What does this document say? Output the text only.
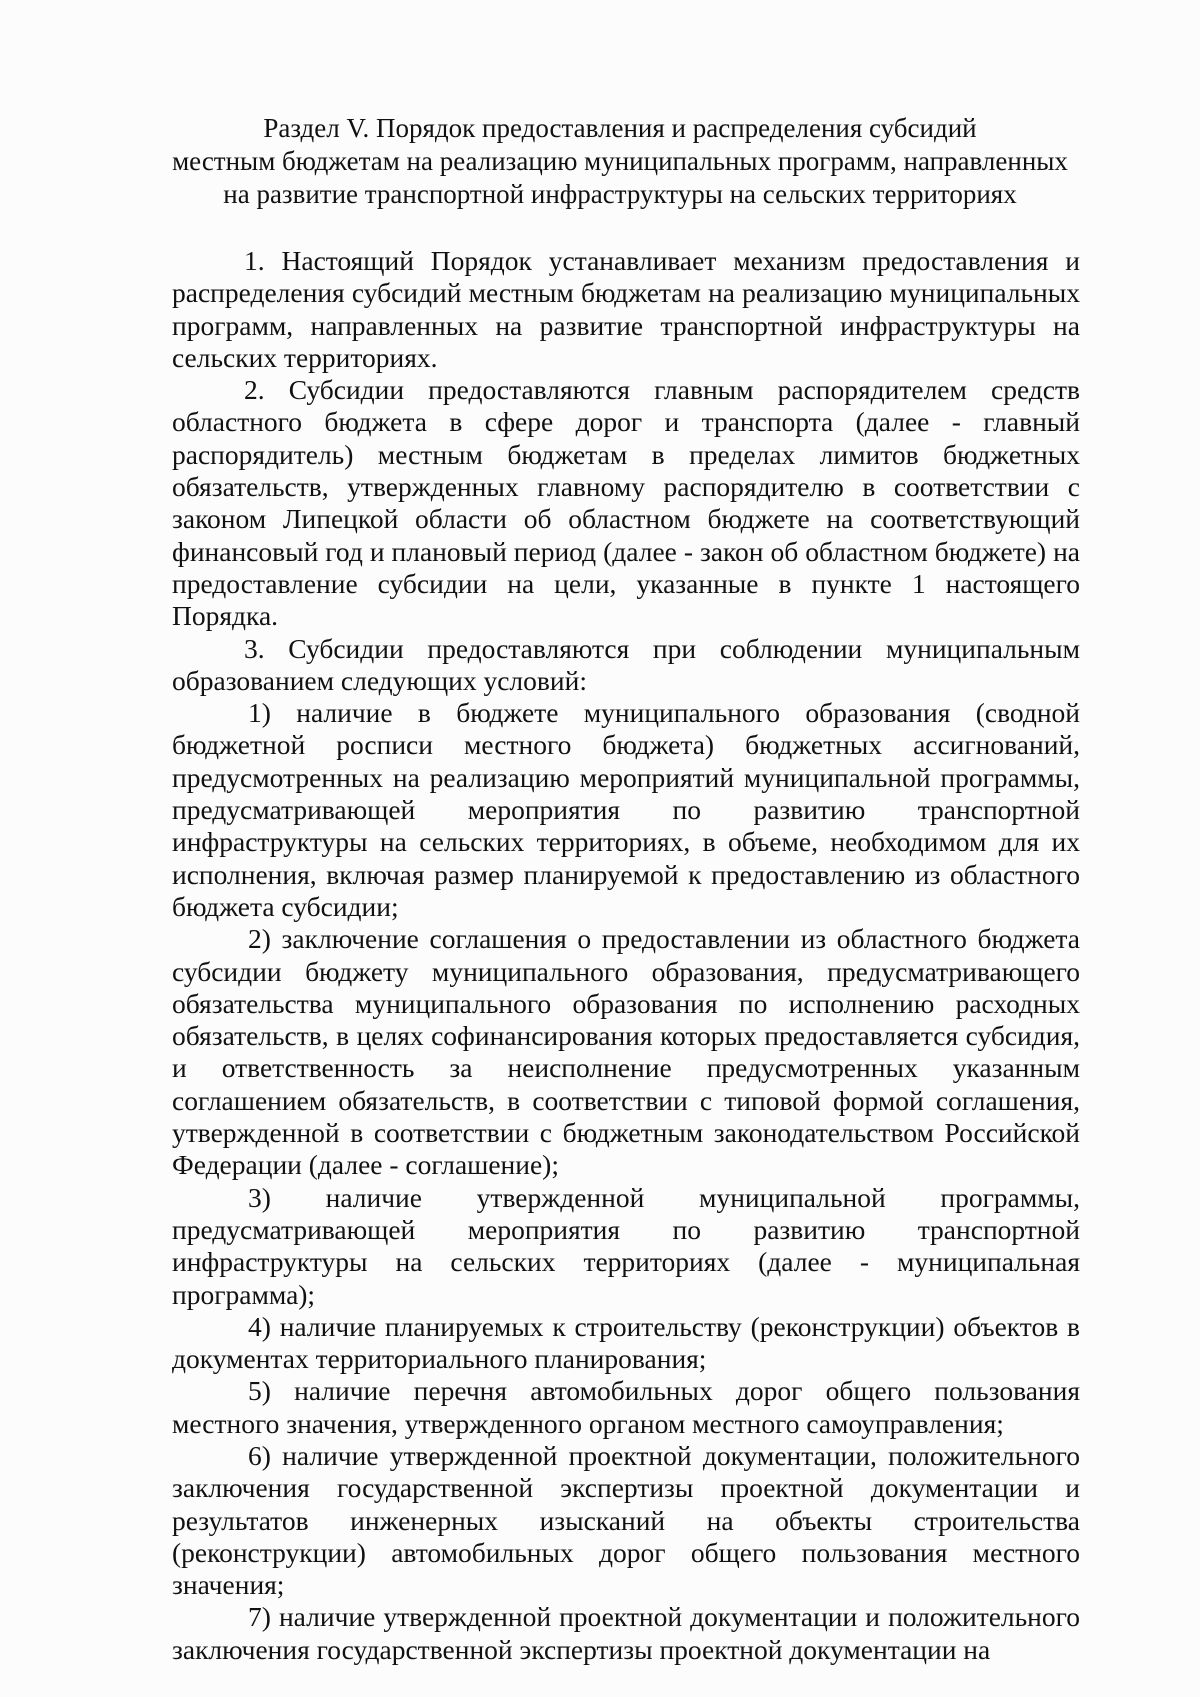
Раздел V. Порядок предоставления и распределения субсидий
местным бюджетам на реализацию муниципальных программ, направленных
на развитие транспортной инфраструктуры на сельских территориях

1. Настоящий Порядок устанавливает механизм предоставления и распределения субсидий местным бюджетам на реализацию муниципальных программ, направленных на развитие транспортной инфраструктуры на сельских территориях.

2. Субсидии предоставляются главным распорядителем средств областного бюджета в сфере дорог и транспорта (далее - главный распорядитель) местным бюджетам в пределах лимитов бюджетных обязательств, утвержденных главному распорядителю в соответствии с законом Липецкой области об областном бюджете на соответствующий финансовый год и плановый период (далее - закон об областном бюджете) на предоставление субсидии на цели, указанные в пункте 1 настоящего Порядка.

3. Субсидии предоставляются при соблюдении муниципальным образованием следующих условий:

1) наличие в бюджете муниципального образования (сводной бюджетной росписи местного бюджета) бюджетных ассигнований, предусмотренных на реализацию мероприятий муниципальной программы, предусматривающей мероприятия по развитию транспортной инфраструктуры на сельских территориях, в объеме, необходимом для их исполнения, включая размер планируемой к предоставлению из областного бюджета субсидии;

2) заключение соглашения о предоставлении из областного бюджета субсидии бюджету муниципального образования, предусматривающего обязательства муниципального образования по исполнению расходных обязательств, в целях софинансирования которых предоставляется субсидия, и ответственность за неисполнение предусмотренных указанным соглашением обязательств, в соответствии с типовой формой соглашения, утвержденной в соответствии с бюджетным законодательством Российской Федерации (далее - соглашение);

3) наличие утвержденной муниципальной программы, предусматривающей мероприятия по развитию транспортной инфраструктуры на сельских территориях (далее - муниципальная программа);

4) наличие планируемых к строительству (реконструкции) объектов в документах территориального планирования;

5) наличие перечня автомобильных дорог общего пользования местного значения, утвержденного органом местного самоуправления;

6) наличие утвержденной проектной документации, положительного заключения государственной экспертизы проектной документации и результатов инженерных изысканий на объекты строительства (реконструкции) автомобильных дорог общего пользования местного значения;

7) наличие утвержденной проектной документации и положительного заключения государственной экспертизы проектной документации на
